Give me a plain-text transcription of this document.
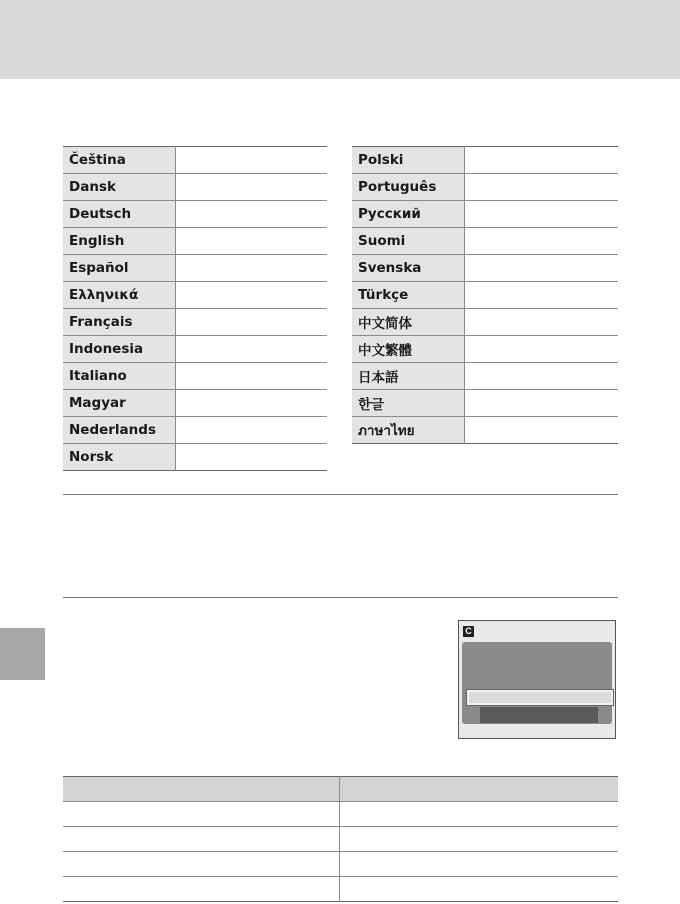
Čeština	
Dansk	
Deutsch	
English	
Español	
Ελληνικά	
Français	
Indonesia	
Italiano	
Magyar	
Nederlands	
Norsk	
Polski	
Português	
Русский	
Suomi	
Svenska	
Türkçe	
中文简体	
中文繁體	
日本語	
한글	
ภาษาไทย	
C
